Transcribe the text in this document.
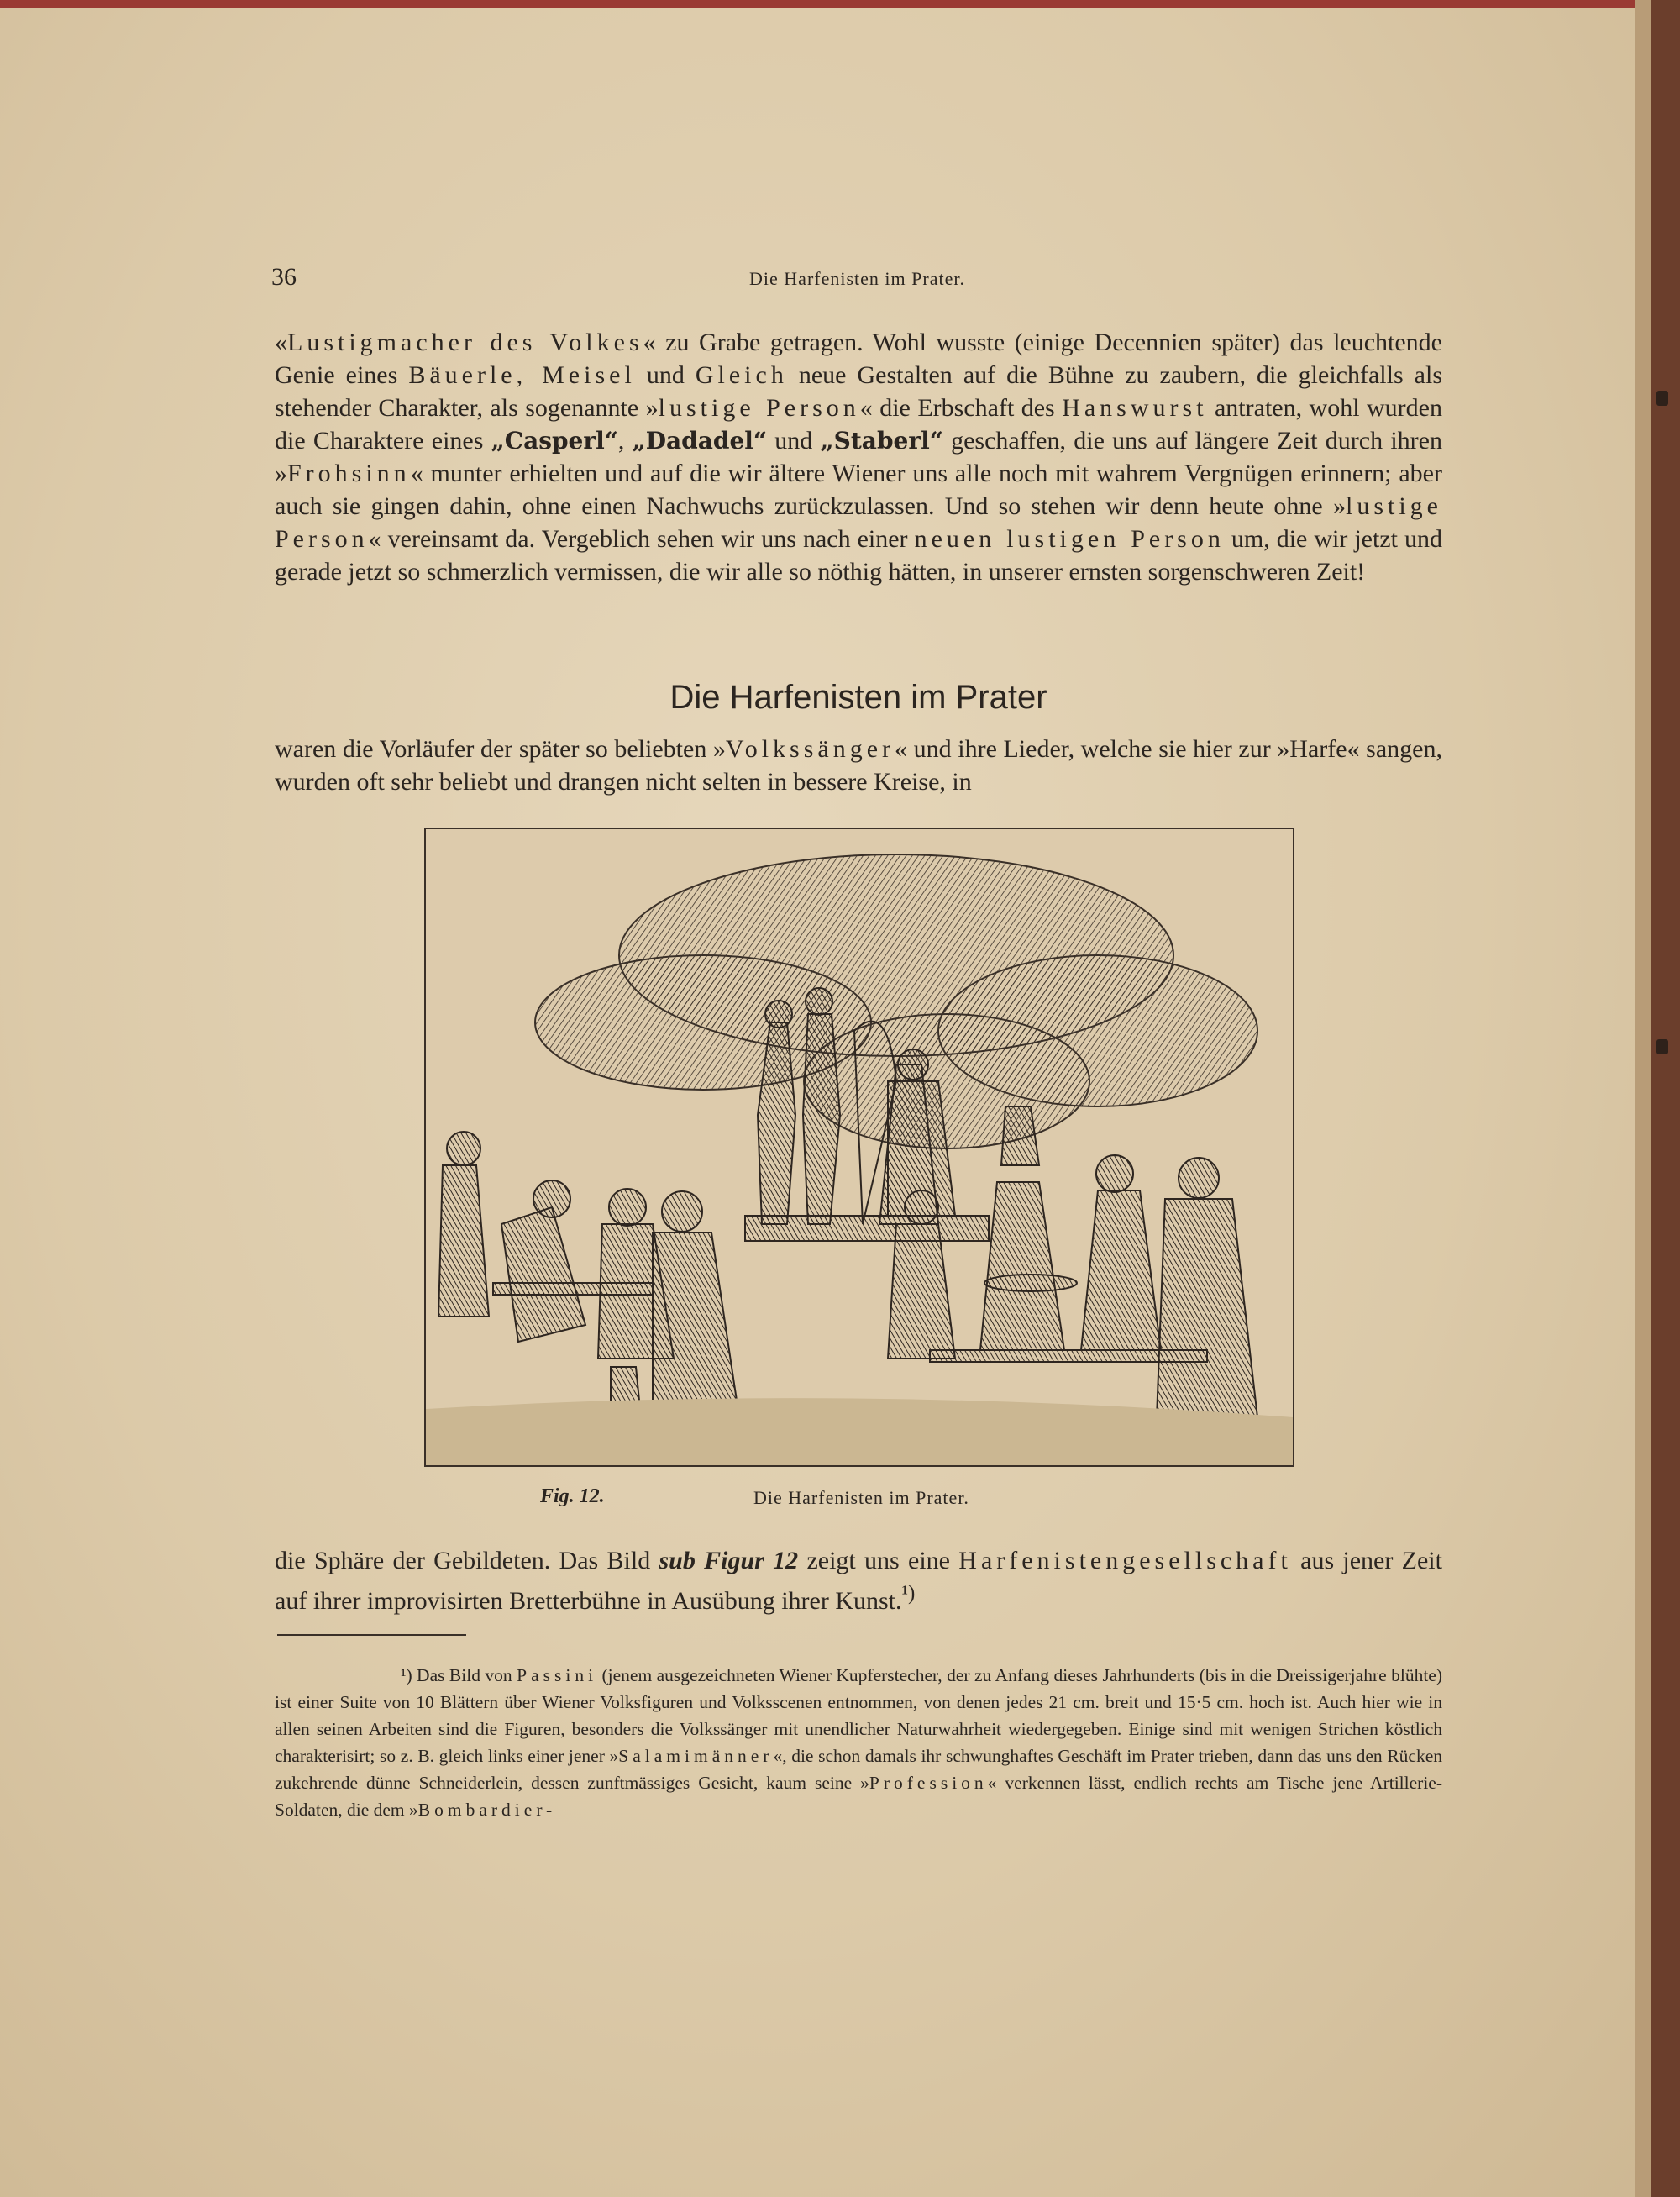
36	Die Harfenisten im Prater.

«Lustigmacher des Volkes« zu Grabe getragen. Wohl wusste (einige Decennien später) das leuchtende Genie eines Bäuerle, Meisel und Gleich neue Gestalten auf die Bühne zu zaubern, die gleichfalls als stehender Charakter, als sogenannte »lustige Person« die Erbschaft des Hanswurst antraten, wohl wurden die Charaktere eines „Casperl“, „Dadadel“ und „Staberl“ geschaffen, die uns auf längere Zeit durch ihren »Frohsinn« munter erhielten und auf die wir ältere Wiener uns alle noch mit wahrem Vergnügen erinnern; aber auch sie gingen dahin, ohne einen Nachwuchs zurückzulassen. Und so stehen wir denn heute ohne »lustige Person« vereinsamt da. Vergeblich sehen wir uns nach einer neuen lustigen Person um, die wir jetzt und gerade jetzt so schmerzlich vermissen, die wir alle so nöthig hätten, in unserer ernsten sorgenschweren Zeit!

Die Harfenisten im Prater

waren die Vorläufer der später so beliebten »Volkssänger« und ihre Lieder, welche sie hier zur »Harfe« sangen, wurden oft sehr beliebt und drangen nicht selten in bessere Kreise, in

Fig. 12.	Die Harfenisten im Prater.

die Sphäre der Gebildeten. Das Bild sub Figur 12 zeigt uns eine Harfenistengesellschaft aus jener Zeit auf ihrer improvisirten Bretterbühne in Ausübung ihrer Kunst.$^{^1)}$

¹) Das Bild von Passini (jenem ausgezeichneten Wiener Kupferstecher, der zu Anfang dieses Jahrhunderts (bis in die Dreissigerjahre blühte) ist einer Suite von 10 Blättern über Wiener Volksfiguren und Volksscenen entnommen, von denen jedes 21 cm. breit und 15·5 cm. hoch ist. Auch hier wie in allen seinen Arbeiten sind die Figuren, besonders die Volkssänger mit unendlicher Naturwahrheit wiedergegeben. Einige sind mit wenigen Strichen köstlich charakterisirt; so z. B. gleich links einer jener »Salamimänner«, die schon damals ihr schwunghaftes Geschäft im Prater trieben, dann das uns den Rücken zukehrende dünne Schneiderlein, dessen zunftmässiges Gesicht, kaum seine »Profession« verkennen lässt, endlich rechts am Tische jene Artillerie-Soldaten, die dem »Bombardier-
